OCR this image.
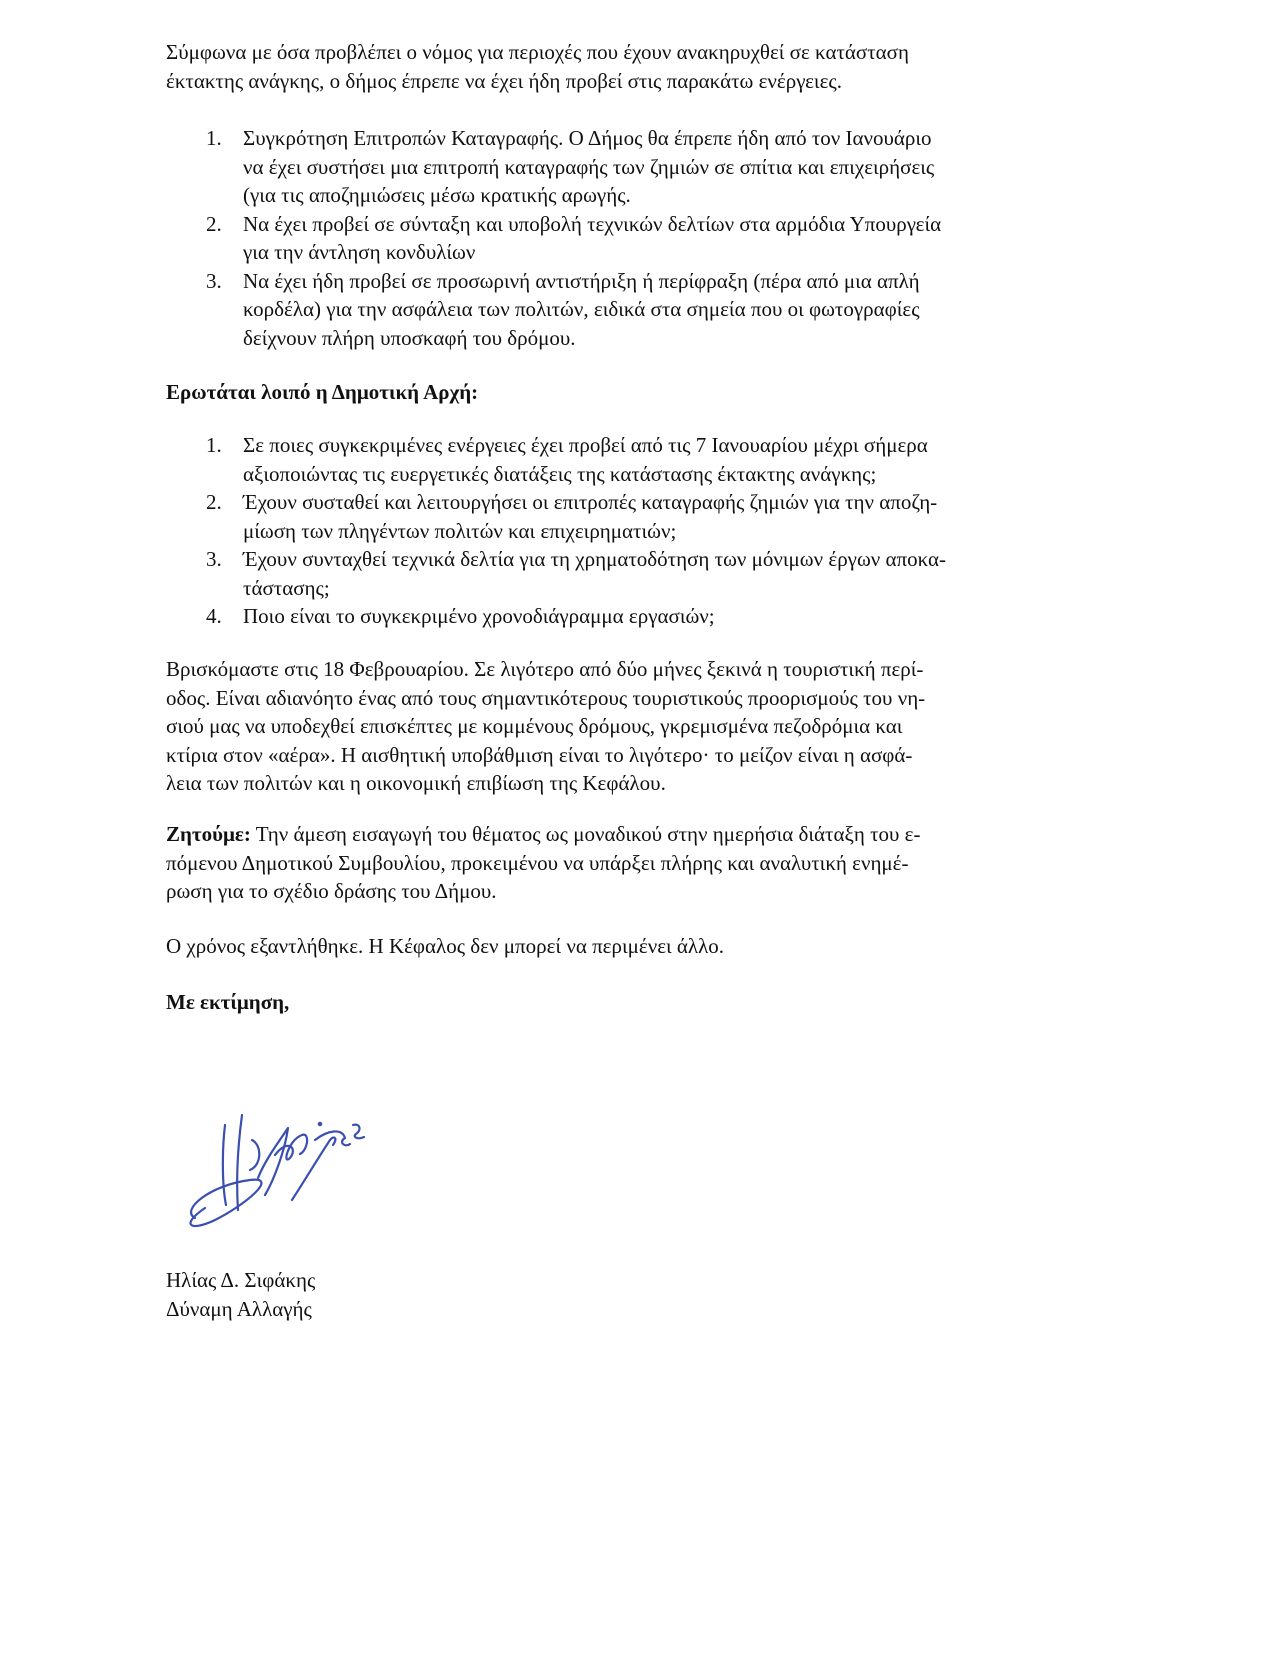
Σύμφωνα με όσα προβλέπει ο νόμος για περιοχές που έχουν ανακηρυχθεί σε κατάσταση
έκτακτης ανάγκης, ο δήμος έπρεπε να έχει ήδη προβεί στις παρακάτω ενέργειες.

1. Συγκρότηση Επιτροπών Καταγραφής. Ο Δήμος θα έπρεπε ήδη από τον Ιανουάριο
να έχει συστήσει μια επιτροπή καταγραφής των ζημιών σε σπίτια και επιχειρήσεις
(για τις αποζημιώσεις μέσω κρατικής αρωγής.
2. Να έχει προβεί σε σύνταξη και υποβολή τεχνικών δελτίων στα αρμόδια Υπουργεία
για την άντληση κονδυλίων
3. Να έχει ήδη προβεί σε προσωρινή αντιστήριξη ή περίφραξη (πέρα από μια απλή
κορδέλα) για την ασφάλεια των πολιτών, ειδικά στα σημεία που οι φωτογραφίες
δείχνουν πλήρη υποσκαφή του δρόμου.

Ερωτάται λοιπό η Δημοτική Αρχή:

1. Σε ποιες συγκεκριμένες ενέργειες έχει προβεί από τις 7 Ιανουαρίου μέχρι σήμερα
αξιοποιώντας τις ευεργετικές διατάξεις της κατάστασης έκτακτης ανάγκης;
2. Έχουν συσταθεί και λειτουργήσει οι επιτροπές καταγραφής ζημιών για την αποζη-
μίωση των πληγέντων πολιτών και επιχειρηματιών;
3. Έχουν συνταχθεί τεχνικά δελτία για τη χρηματοδότηση των μόνιμων έργων αποκα-
τάστασης;
4. Ποιο είναι το συγκεκριμένο χρονοδιάγραμμα εργασιών;

Βρισκόμαστε στις 18 Φεβρουαρίου. Σε λιγότερο από δύο μήνες ξεκινά η τουριστική περί-
οδος. Είναι αδιανόητο ένας από τους σημαντικότερους τουριστικούς προορισμούς του νη-
σιού μας να υποδεχθεί επισκέπτες με κομμένους δρόμους, γκρεμισμένα πεζοδρόμια και
κτίρια στον «αέρα». Η αισθητική υποβάθμιση είναι το λιγότερο· το μείζον είναι η ασφά-
λεια των πολιτών και η οικονομική επιβίωση της Κεφάλου.

Ζητούμε: Την άμεση εισαγωγή του θέματος ως μοναδικού στην ημερήσια διάταξη του ε-
πόμενου Δημοτικού Συμβουλίου, προκειμένου να υπάρξει πλήρης και αναλυτική ενημέ-
ρωση για το σχέδιο δράσης του Δήμου.

Ο χρόνος εξαντλήθηκε. Η Κέφαλος δεν μπορεί να περιμένει άλλο.

Με εκτίμηση,

Ηλίας Δ. Σιφάκης
Δύναμη Αλλαγής
